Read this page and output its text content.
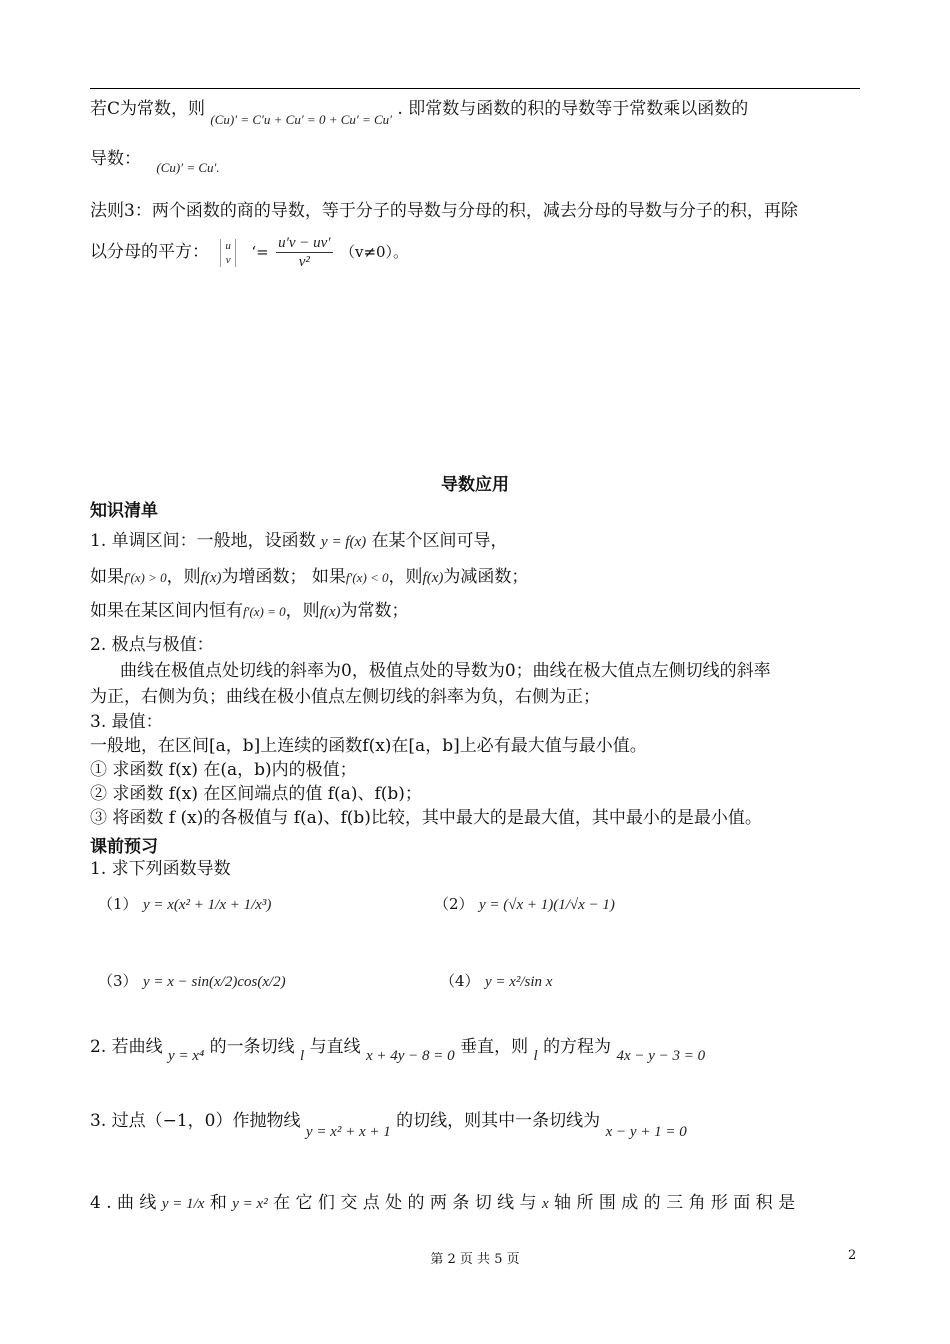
若C为常数，则 $_{(Cu)' = C'u + Cu' = 0 + Cu' = Cu'}$ . 即常数与函数的积的导数等于常数乘以函数的
导数： $_{(Cu)' = Cu'.}$
法则3：两个函数的商的导数，等于分子的导数与分母的积，减去分母的导数与分子的积，再除
以分母的平方： u
v ‘= $\frac{u'v - uv'}{\text{v²}} (v\ne 0)$。
导数应用
知识清单
1. 单调区间：一般地，设函数 y = f(x) 在某个区间可导，
如果f′(x) > 0，则f(x)为增函数； 如果f′(x) < 0，则f(x)为减函数；
如果在某区间内恒有f′(x) = 0，则f(x)为常数；
2. 极点与极值：
曲线在极值点处切线的斜率为0，极值点处的导数为0；曲线在极大值点左侧切线的斜率
为正，右侧为负；曲线在极小值点左侧切线的斜率为负，右侧为正；
3. 最值：
一般地，在区间[a，b]上连续的函数f(x)在[a，b]上必有最大值与最小值。
① 求函数 f(x) 在(a，b)内的极值；
② 求函数 f(x) 在区间端点的值 f(a)、f(b)；
③ 将函数 f (x)的各极值与 f(a)、f(b)比较，其中最大的是最大值，其中最小的是最小值。
课前预习
1. 求下列函数导数
（1） y = x(x² + 1/x + 1/x³)	（2） y = (√x + 1)(1/√x − 1)
（3） y = x − sin(x/2)cos(x/2)	（4） y = x²/sin x
2. 若曲线 y = x⁴ 的一条切线 l 与直线 x + 4y − 8 = 0 垂直，则 l 的方程为 4x − y − 3 = 0
3. 过点（−1，0）作抛物线 y = x² + x + 1 的切线，则其中一条切线为 x − y + 1 = 0
4 . 曲 线 y = 1/x 和 y = x² 在 它 们 交 点 处 的 两 条 切 线 与 x 轴 所 围 成 的 三 角 形 面 积 是
第 2 页 共 5 页	2
